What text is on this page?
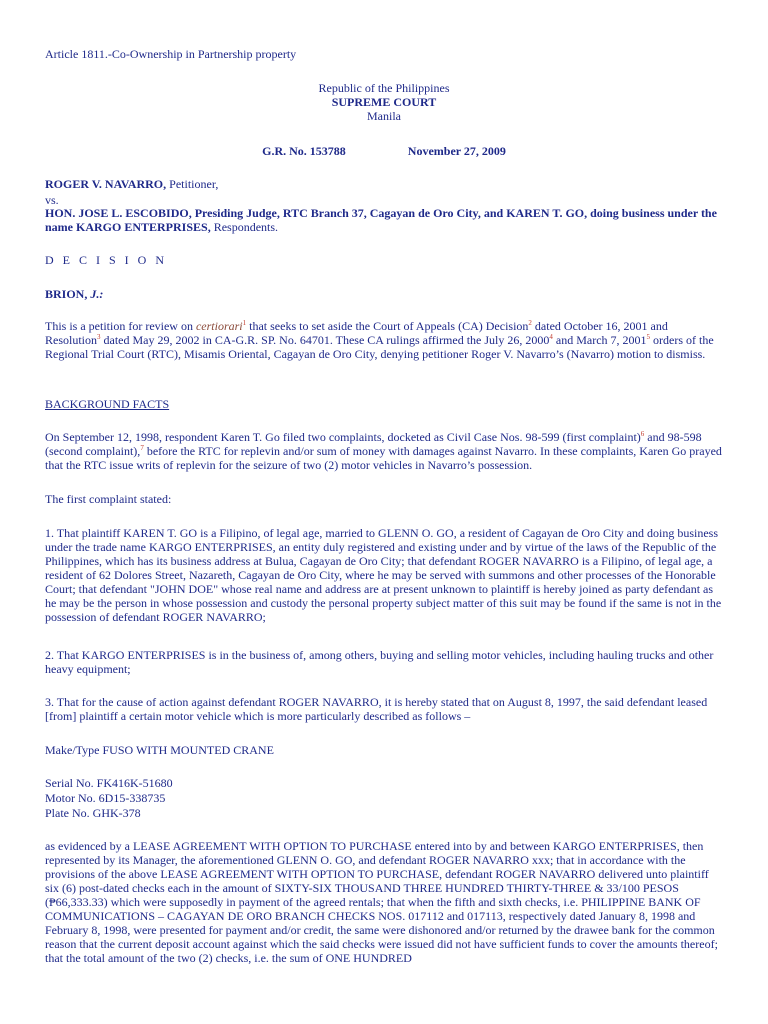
Article 1811.-Co-Ownership in Partnership property
Republic of the Philippines
SUPREME COURT
Manila
G.R. No. 153788	November 27, 2009
ROGER V. NAVARRO, Petitioner,
vs.
HON. JOSE L. ESCOBIDO, Presiding Judge, RTC Branch 37, Cagayan de Oro City, and KAREN T. GO, doing business under the name KARGO ENTERPRISES, Respondents.
D E C I S I O N
BRION, J.:

This is a petition for review on certiorari$^1$ that seeks to set aside the Court of Appeals (CA) Decision$^2$ dated October 16, 2001 and Resolution$^3$ dated May 29, 2002 in CA-G.R. SP. No. 64701. These CA rulings affirmed the July 26, 2000$^4$ and March 7, 2001$^5$ orders of the Regional Trial Court (RTC), Misamis Oriental, Cagayan de Oro City, denying petitioner Roger V. Navarro’s (Navarro) motion to dismiss.

BACKGROUND FACTS

On September 12, 1998, respondent Karen T. Go filed two complaints, docketed as Civil Case Nos. 98-599 (first complaint)$^6$ and 98-598 (second complaint),$^7$ before the RTC for replevin and/or sum of money with damages against Navarro. In these complaints, Karen Go prayed that the RTC issue writs of replevin for the seizure of two (2) motor vehicles in Navarro’s possession.

The first complaint stated:

1. That plaintiff KAREN T. GO is a Filipino, of legal age, married to GLENN O. GO, a resident of Cagayan de Oro City and doing business under the trade name KARGO ENTERPRISES, an entity duly registered and existing under and by virtue of the laws of the Republic of the Philippines, which has its business address at Bulua, Cagayan de Oro City; that defendant ROGER NAVARRO is a Filipino, of legal age, a resident of 62 Dolores Street, Nazareth, Cagayan de Oro City, where he may be served with summons and other processes of the Honorable Court; that defendant "JOHN DOE" whose real name and address are at present unknown to plaintiff is hereby joined as party defendant as he may be the person in whose possession and custody the personal property subject matter of this suit may be found if the same is not in the possession of defendant ROGER NAVARRO;

2. That KARGO ENTERPRISES is in the business of, among others, buying and selling motor vehicles, including hauling trucks and other heavy equipment;

3. That for the cause of action against defendant ROGER NAVARRO, it is hereby stated that on August 8, 1997, the said defendant leased [from] plaintiff a certain motor vehicle which is more particularly described as follows –

Make/Type FUSO WITH MOUNTED CRANE
Serial No. FK416K-51680
Motor No. 6D15-338735
Plate No. GHK-378

as evidenced by a LEASE AGREEMENT WITH OPTION TO PURCHASE entered into by and between KARGO ENTERPRISES, then represented by its Manager, the aforementioned GLENN O. GO, and defendant ROGER NAVARRO xxx; that in accordance with the provisions of the above LEASE AGREEMENT WITH OPTION TO PURCHASE, defendant ROGER NAVARRO delivered unto plaintiff six (6) post-dated checks each in the amount of SIXTY-SIX THOUSAND THREE HUNDRED THIRTY-THREE & 33/100 PESOS (₱66,333.33) which were supposedly in payment of the agreed rentals; that when the fifth and sixth checks, i.e. PHILIPPINE BANK OF COMMUNICATIONS – CAGAYAN DE ORO BRANCH CHECKS NOS. 017112 and 017113, respectively dated January 8, 1998 and February 8, 1998, were presented for payment and/or credit, the same were dishonored and/or returned by the drawee bank for the common reason that the current deposit account against which the said checks were issued did not have sufficient funds to cover the amounts thereof; that the total amount of the two (2) checks, i.e. the sum of ONE HUNDRED
